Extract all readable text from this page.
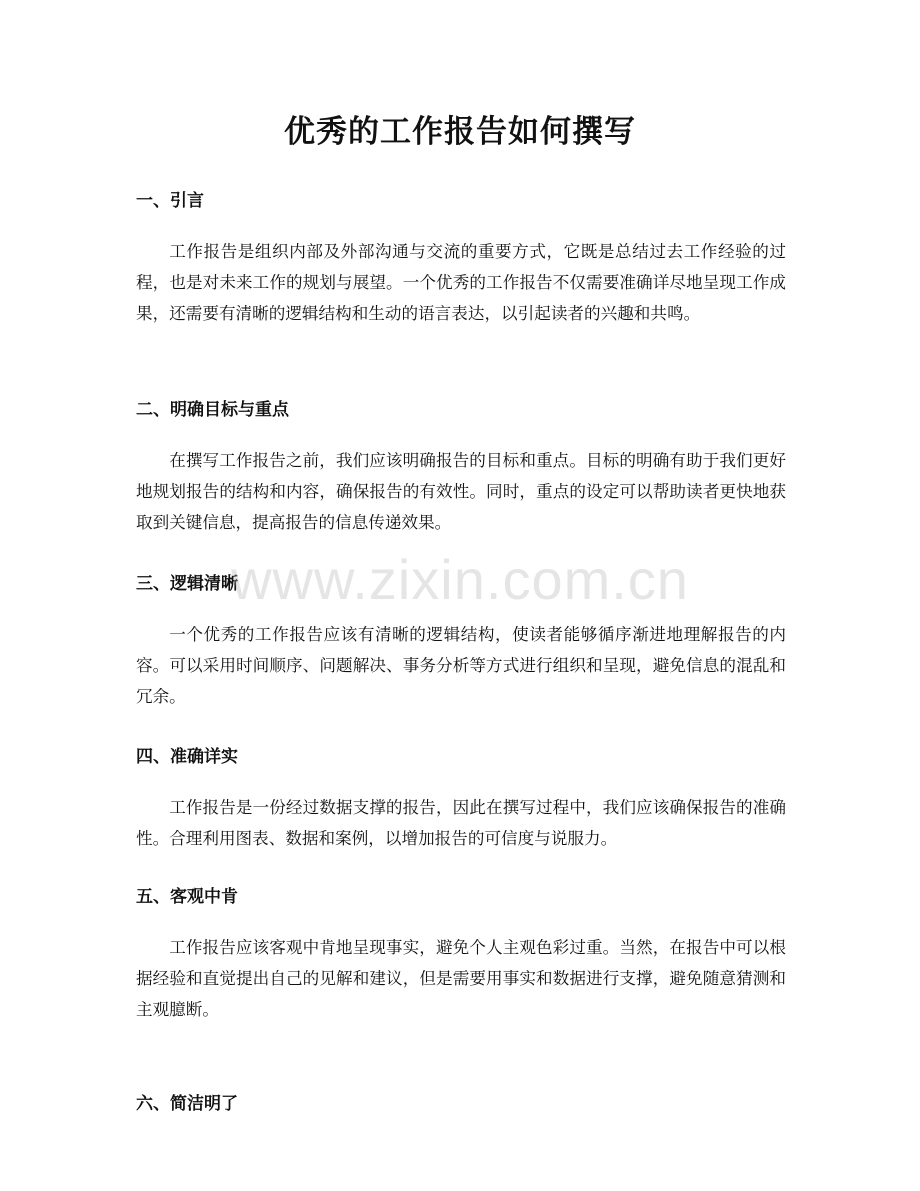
优秀的工作报告如何撰写
一、引言

工作报告是组织内部及外部沟通与交流的重要方式，它既是总结过去工作经验的过程，也是对未来工作的规划与展望。一个优秀的工作报告不仅需要准确详尽地呈现工作成果，还需要有清晰的逻辑结构和生动的语言表达，以引起读者的兴趣和共鸣。

二、明确目标与重点

在撰写工作报告之前，我们应该明确报告的目标和重点。目标的明确有助于我们更好地规划报告的结构和内容，确保报告的有效性。同时，重点的设定可以帮助读者更快地获取到关键信息，提高报告的信息传递效果。

三、逻辑清晰

一个优秀的工作报告应该有清晰的逻辑结构，使读者能够循序渐进地理解报告的内容。可以采用时间顺序、问题解决、事务分析等方式进行组织和呈现，避免信息的混乱和冗余。

四、准确详实

工作报告是一份经过数据支撑的报告，因此在撰写过程中，我们应该确保报告的准确性。合理利用图表、数据和案例，以增加报告的可信度与说服力。

五、客观中肯

工作报告应该客观中肯地呈现事实，避免个人主观色彩过重。当然，在报告中可以根据经验和直觉提出自己的见解和建议，但是需要用事实和数据进行支撑，避免随意猜测和主观臆断。

六、简洁明了
www.zixin.com.cn
